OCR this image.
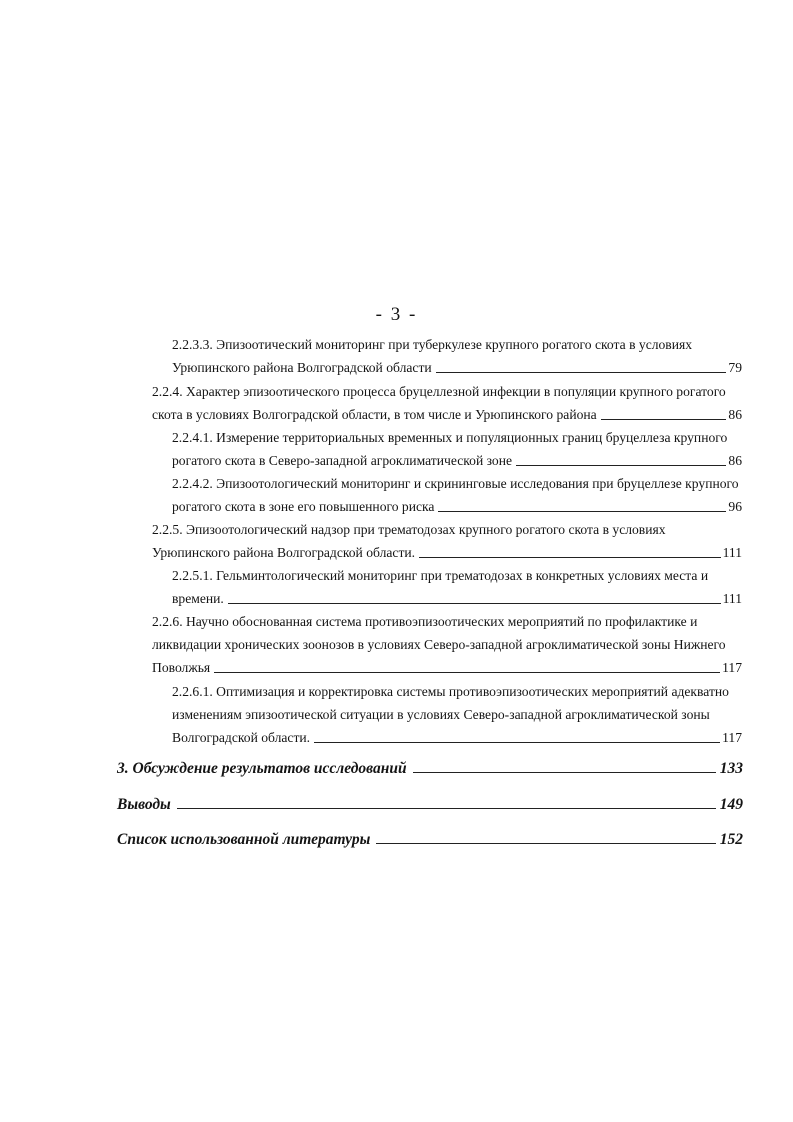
- 3 -
2.2.3.3. Эпизоотический мониторинг при туберкулезе крупного рогатого скота в условиях
Урюпинского района Волгоградской области	79
2.2.4. Характер эпизоотического процесса бруцеллезной инфекции в популяции крупного рогатого
скота в условиях Волгоградской области, в том числе и Урюпинского района	86
2.2.4.1. Измерение территориальных временных и популяционных границ бруцеллеза крупного
рогатого скота в Северо-западной агроклиматической зоне	86
2.2.4.2. Эпизоотологический мониторинг и скрининговые исследования при бруцеллезе крупного
рогатого скота в зоне его повышенного риска	96
2.2.5. Эпизоотологический надзор при трематодозах крупного рогатого скота в условиях
Урюпинского района Волгоградской области.	111
2.2.5.1. Гельминтологический мониторинг при трематодозах в конкретных условиях места и
времени.	111
2.2.6. Научно обоснованная система противоэпизоотических мероприятий по профилактике и
ликвидации хронических зоонозов в условиях Северо-западной агроклиматической зоны Нижнего
Поволжья	117
2.2.6.1. Оптимизация и корректировка системы противоэпизоотических мероприятий адекватно
изменениям эпизоотической ситуации в условиях Северо-западной агроклиматической зоны
Волгоградской области.	117
3. Обсуждение результатов исследований	133
Выводы	149
Список использованной литературы	152
